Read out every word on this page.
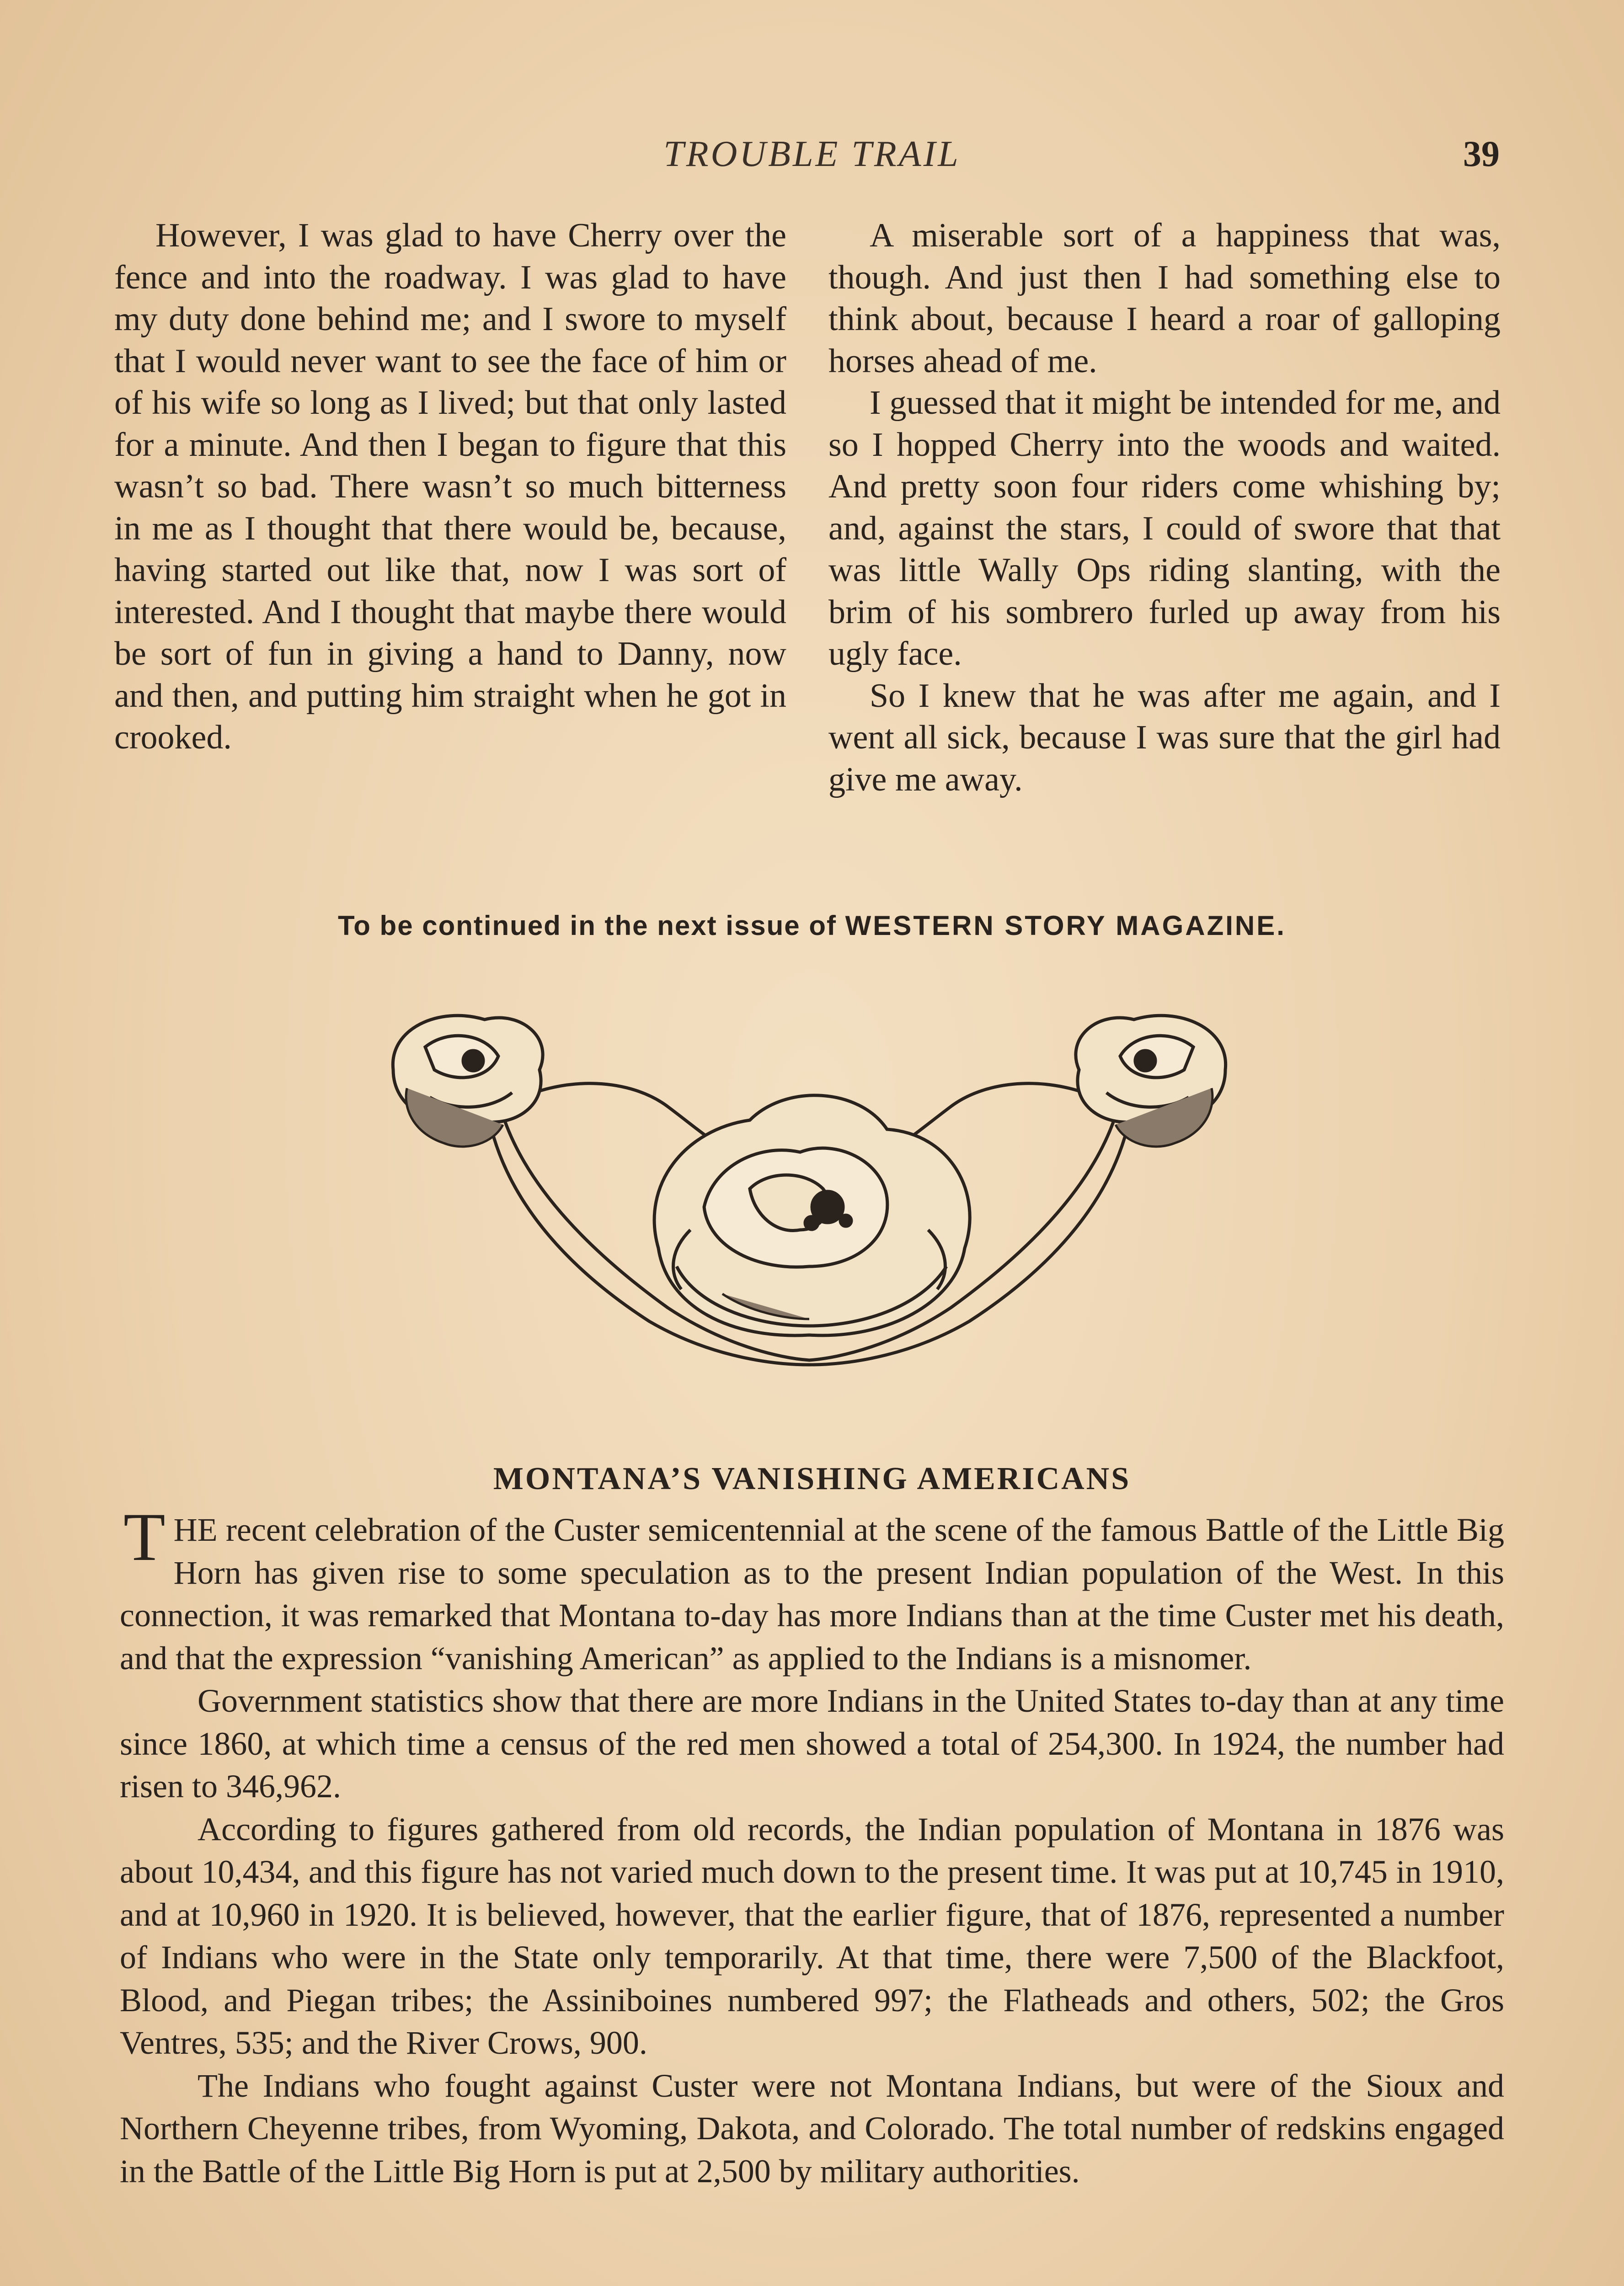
TROUBLE TRAIL	39

However, I was glad to have Cherry over the fence and into the roadway. I was glad to have my duty done behind me; and I swore to myself that I would never want to see the face of him or of his wife so long as I lived; but that only lasted for a minute. And then I began to figure that this wasn’t so bad. There wasn’t so much bitterness in me as I thought that there would be, because, having started out like that, now I was sort of interested. And I thought that maybe there would be sort of fun in giving a hand to Danny, now and then, and putting him straight when he got in crooked.

A miserable sort of a happiness that was, though. And just then I had something else to think about, because I heard a roar of galloping horses ahead of me.

I guessed that it might be intended for me, and so I hopped Cherry into the woods and waited. And pretty soon four riders come whishing by; and, against the stars, I could of swore that that was little Wally Ops riding slanting, with the brim of his sombrero furled up away from his ugly face.

So I knew that he was after me again, and I went all sick, because I was sure that the girl had give me away.

To be continued in the next issue of WESTERN STORY MAGAZINE.
MONTANA’S VANISHING AMERICANS

THE recent celebration of the Custer semicentennial at the scene of the famous Battle of the Little Big Horn has given rise to some speculation as to the present Indian population of the West. In this connection, it was remarked that Montana to-day has more Indians than at the time Custer met his death, and that the expression “vanishing American” as applied to the Indians is a misnomer.

Government statistics show that there are more Indians in the United States to-day than at any time since 1860, at which time a census of the red men showed a total of 254,300. In 1924, the number had risen to 346,962.

According to figures gathered from old records, the Indian population of Montana in 1876 was about 10,434, and this figure has not varied much down to the present time. It was put at 10,745 in 1910, and at 10,960 in 1920. It is believed, however, that the earlier figure, that of 1876, represented a number of Indians who were in the State only temporarily. At that time, there were 7,500 of the Blackfoot, Blood, and Piegan tribes; the Assiniboines numbered 997; the Flatheads and others, 502; the Gros Ventres, 535; and the River Crows, 900.

The Indians who fought against Custer were not Montana Indians, but were of the Sioux and Northern Cheyenne tribes, from Wyoming, Dakota, and Colorado. The total number of redskins engaged in the Battle of the Little Big Horn is put at 2,500 by military authorities.
